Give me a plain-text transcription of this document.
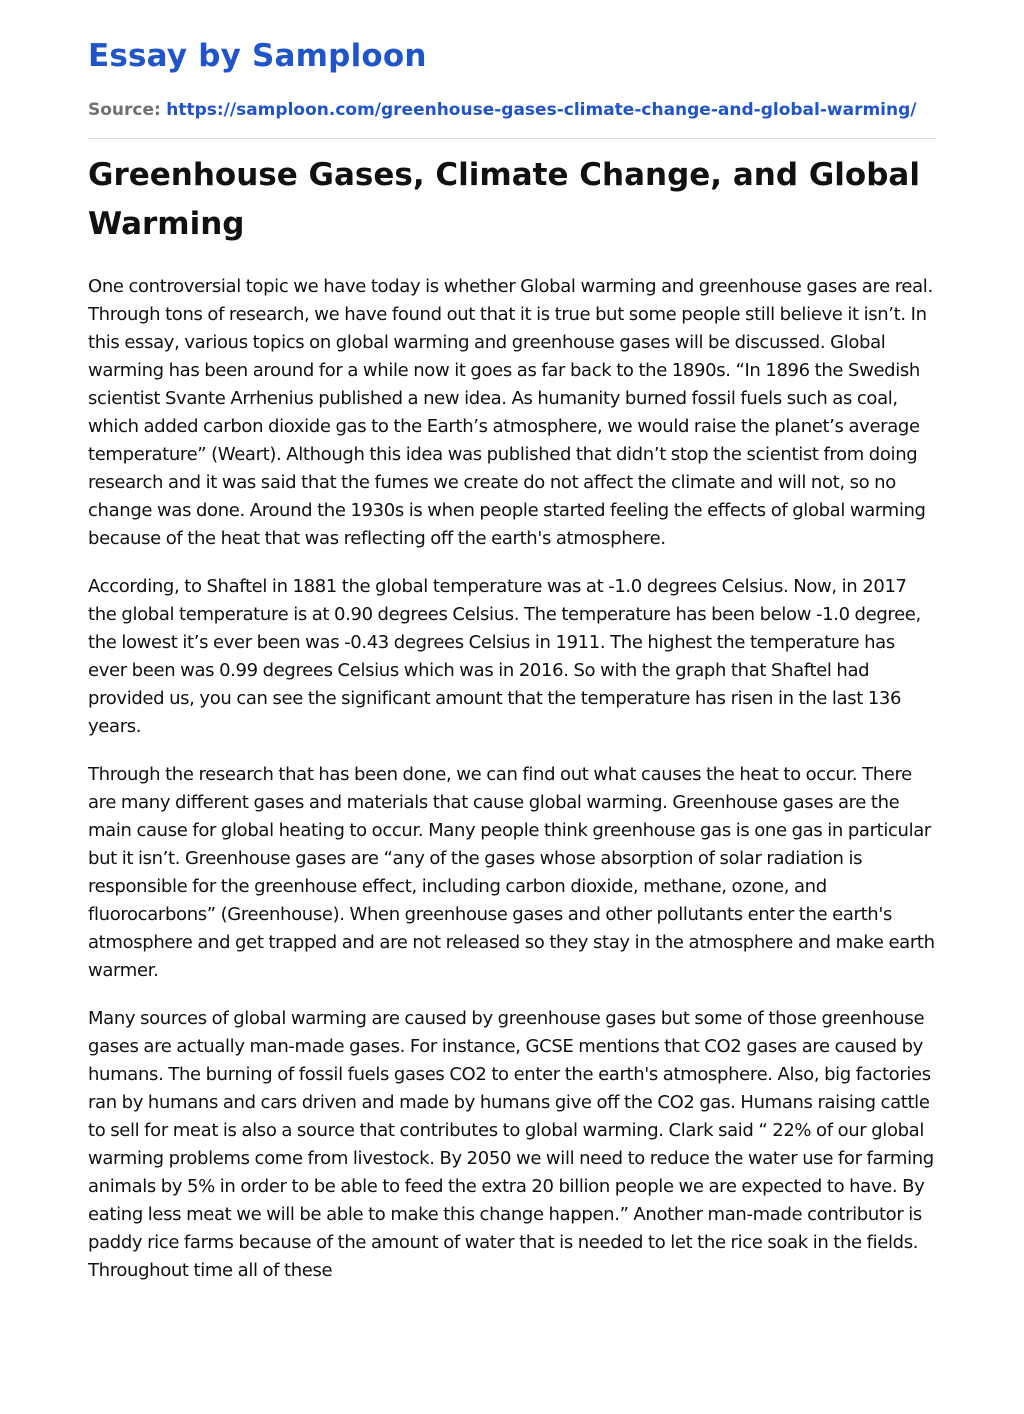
Essay by Samploon

Source: https://samploon.com/greenhouse-gases-climate-change-and-global-warming/

Greenhouse Gases, Climate Change, and Global Warming

One controversial topic we have today is whether Global warming and greenhouse gases are real. Through tons of research, we have found out that it is true but some people still believe it isn’t. In this essay, various topics on global warming and greenhouse gases will be discussed. Global warming has been around for a while now it goes as far back to the 1890s. “In 1896 the Swedish scientist Svante Arrhenius published a new idea. As humanity burned fossil fuels such as coal, which added carbon dioxide gas to the Earth’s atmosphere, we would raise the planet’s average temperature” (Weart). Although this idea was published that didn’t stop the scientist from doing research and it was said that the fumes we create do not affect the climate and will not, so no change was done. Around the 1930s is when people started feeling the effects of global warming because of the heat that was reflecting off the earth's atmosphere.

According, to Shaftel in 1881 the global temperature was at -1.0 degrees Celsius. Now, in 2017 the global temperature is at 0.90 degrees Celsius. The temperature has been below -1.0 degree, the lowest it’s ever been was -0.43 degrees Celsius in 1911. The highest the temperature has ever been was 0.99 degrees Celsius which was in 2016. So with the graph that Shaftel had provided us, you can see the significant amount that the temperature has risen in the last 136 years.

Through the research that has been done, we can find out what causes the heat to occur. There are many different gases and materials that cause global warming. Greenhouse gases are the main cause for global heating to occur. Many people think greenhouse gas is one gas in particular but it isn’t. Greenhouse gases are “any of the gases whose absorption of solar radiation is responsible for the greenhouse effect, including carbon dioxide, methane, ozone, and fluorocarbons” (Greenhouse). When greenhouse gases and other pollutants enter the earth's atmosphere and get trapped and are not released so they stay in the atmosphere and make earth warmer.

Many sources of global warming are caused by greenhouse gases but some of those greenhouse gases are actually man-made gases. For instance, GCSE mentions that CO2 gases are caused by humans. The burning of fossil fuels gases CO2 to enter the earth's atmosphere. Also, big factories ran by humans and cars driven and made by humans give off the CO2 gas. Humans raising cattle to sell for meat is also a source that contributes to global warming. Clark said “ 22% of our global warming problems come from livestock. By 2050 we will need to reduce the water use for farming animals by 5% in order to be able to feed the extra 20 billion people we are expected to have. By eating less meat we will be able to make this change happen.” Another man-made contributor is paddy rice farms because of the amount of water that is needed to let the rice soak in the fields. Throughout time all of these
